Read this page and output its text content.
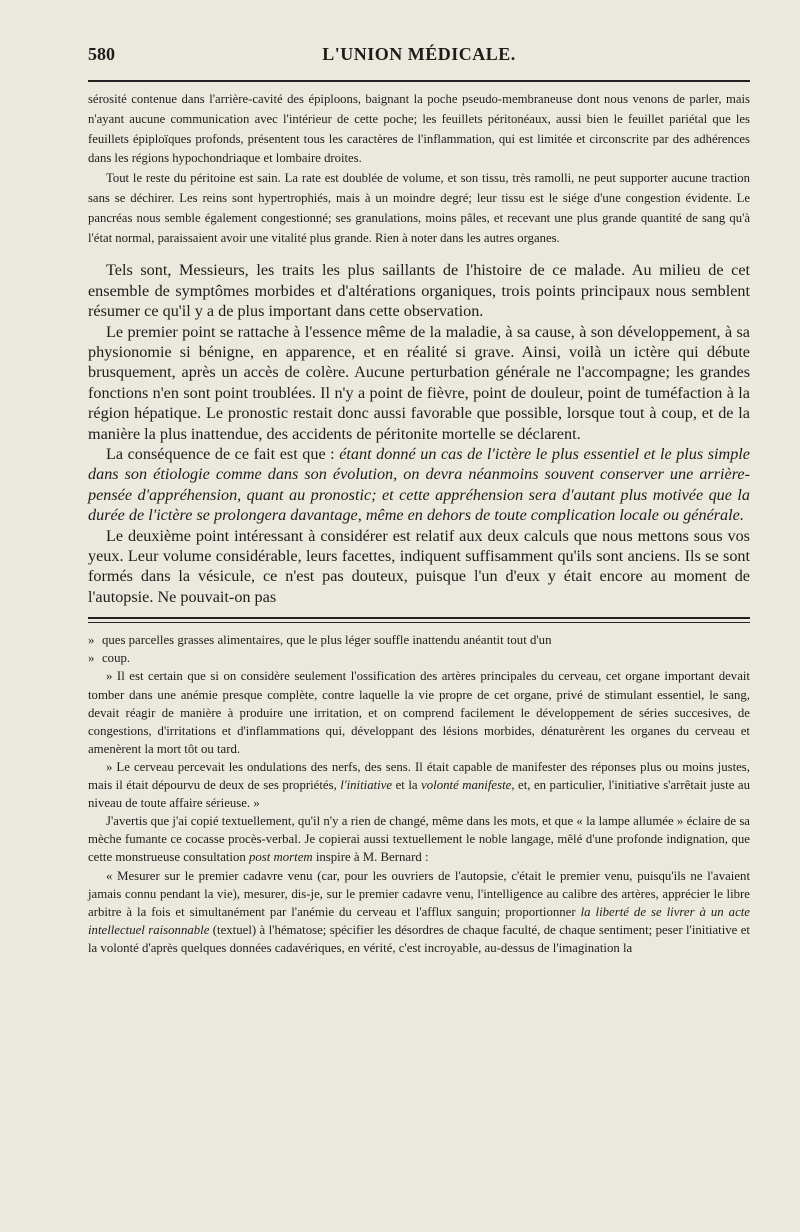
580	L'UNION MÉDICALE.

sérosité contenue dans l'arrière-cavité des épiploons, baignant la poche pseudo-membraneuse dont nous venons de parler, mais n'ayant aucune communication avec l'intérieur de cette poche; les feuillets péritonéaux, aussi bien le feuillet pariétal que les feuillets épiploïques profonds, présentent tous les caractères de l'inflammation, qui est limitée et circonscrite par des adhérences dans les régions hypochondriaque et lombaire droites.

Tout le reste du péritoine est sain. La rate est doublée de volume, et son tissu, très ramolli, ne peut supporter aucune traction sans se déchirer. Les reins sont hypertrophiés, mais à un moindre degré; leur tissu est le siége d'une congestion évidente. Le pancréas nous semble également congestionné; ses granulations, moins pâles, et recevant une plus grande quantité de sang qu'à l'état normal, paraissaient avoir une vitalité plus grande. Rien à noter dans les autres organes.

Tels sont, Messieurs, les traits les plus saillants de l'histoire de ce malade. Au milieu de cet ensemble de symptômes morbides et d'altérations organiques, trois points principaux nous semblent résumer ce qu'il y a de plus important dans cette observation.

Le premier point se rattache à l'essence même de la maladie, à sa cause, à son développement, à sa physionomie si bénigne, en apparence, et en réalité si grave. Ainsi, voilà un ictère qui débute brusquement, après un accès de colère. Aucune perturbation générale ne l'accompagne; les grandes fonctions n'en sont point troublées. Il n'y a point de fièvre, point de douleur, point de tuméfaction à la région hépatique. Le pronostic restait donc aussi favorable que possible, lorsque tout à coup, et de la manière la plus inattendue, des accidents de péritonite mortelle se déclarent.

La conséquence de ce fait est que : étant donné un cas de l'ictère le plus essentiel et le plus simple dans son étiologie comme dans son évolution, on devra néanmoins souvent conserver une arrière-pensée d'appréhension, quant au pronostic; et cette appréhension sera d'autant plus motivée que la durée de l'ictère se prolongera davantage, même en dehors de toute complication locale ou générale.

Le deuxième point intéressant à considérer est relatif aux deux calculs que nous mettons sous vos yeux. Leur volume considérable, leurs facettes, indiquent suffisamment qu'ils sont anciens. Ils se sont formés dans la vésicule, ce n'est pas douteux, puisque l'un d'eux y était encore au moment de l'autopsie. Ne pouvait-on pas

» ques parcelles grasses alimentaires, que le plus léger souffle inattendu anéantit tout d'un
» coup.

» Il est certain que si on considère seulement l'ossification des artères principales du cerveau, cet organe important devait tomber dans une anémie presque complète, contre laquelle la vie propre de cet organe, privé de stimulant essentiel, le sang, devait réagir de manière à produire une irritation, et on comprend facilement le développement de séries succesives, de congestions, d'irritations et d'inflammations qui, développant des lésions morbides, dénaturèrent les organes du cerveau et amenèrent la mort tôt ou tard.

» Le cerveau percevait les ondulations des nerfs, des sens. Il était capable de manifester des réponses plus ou moins justes, mais il était dépourvu de deux de ses propriétés, l'initiative et la volonté manifeste, et, en particulier, l'initiative s'arrêtait juste au niveau de toute affaire sérieuse. »

J'avertis que j'ai copié textuellement, qu'il n'y a rien de changé, même dans les mots, et que « la lampe allumée » éclaire de sa mèche fumante ce cocasse procès-verbal. Je copierai aussi textuellement le noble langage, mêlé d'une profonde indignation, que cette monstrueuse consultation post mortem inspire à M. Bernard :

« Mesurer sur le premier cadavre venu (car, pour les ouvriers de l'autopsie, c'était le premier venu, puisqu'ils ne l'avaient jamais connu pendant la vie), mesurer, dis-je, sur le premier cadavre venu, l'intelligence au calibre des artères, apprécier le libre arbitre à la fois et simultanément par l'anémie du cerveau et l'afflux sanguin; proportionner la liberté de se livrer à un acte intellectuel raisonnable (textuel) à l'hématose; spécifier les désordres de chaque faculté, de chaque sentiment; peser l'initiative et la volonté d'après quelques données cadavériques, en vérité, c'est incroyable, au-dessus de l'imagination la
